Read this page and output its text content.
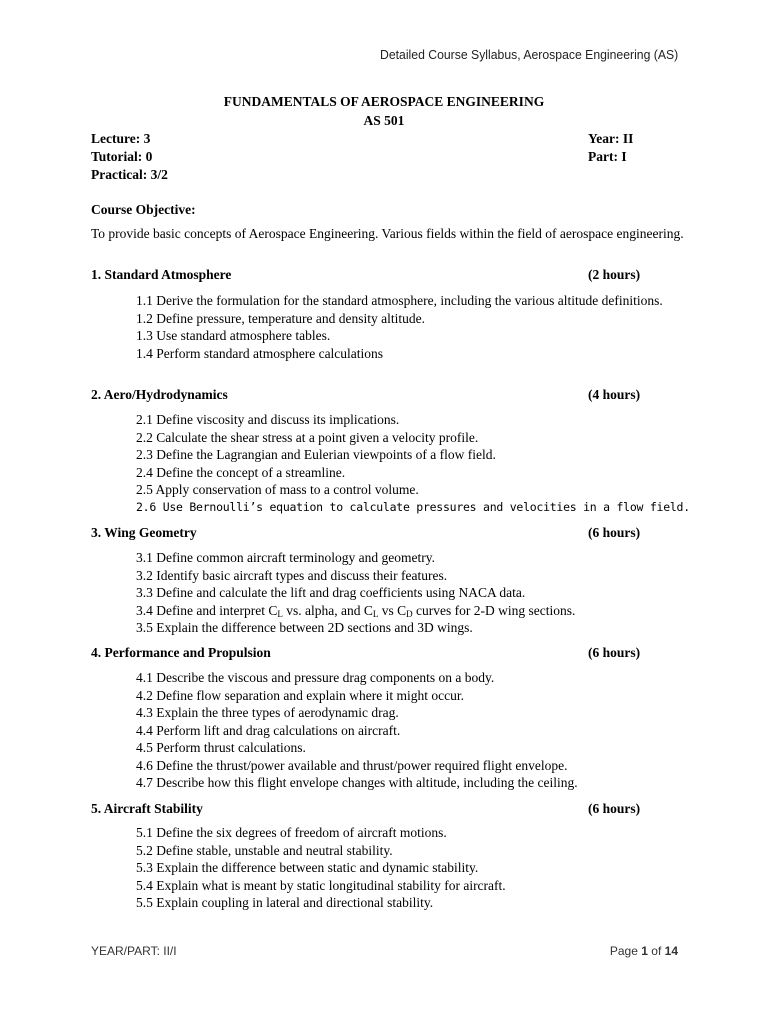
Detailed Course Syllabus, Aerospace Engineering (AS)
FUNDAMENTALS OF AEROSPACE ENGINEERING
AS 501
Lecture: 3
Tutorial: 0
Practical: 3/2
Year: II
Part: I
Course Objective:
To provide basic concepts of Aerospace Engineering. Various fields within the field of aerospace engineering.
1. Standard Atmosphere	(2 hours)
1.1 Derive the formulation for the standard atmosphere, including the various altitude definitions.
1.2 Define pressure, temperature and density altitude.
1.3 Use standard atmosphere tables.
1.4 Perform standard atmosphere calculations
2. Aero/Hydrodynamics	(4 hours)
2.1 Define viscosity and discuss its implications.
2.2 Calculate the shear stress at a point given a velocity profile.
2.3 Define the Lagrangian and Eulerian viewpoints of a flow field.
2.4 Define the concept of a streamline.
2.5 Apply conservation of mass to a control volume.
2.6 Use Bernoulli’s equation to calculate pressures and velocities in a flow field.
3. Wing Geometry	(6 hours)
3.1 Define common aircraft terminology and geometry.
3.2 Identify basic aircraft types and discuss their features.
3.3 Define and calculate the lift and drag coefficients using NACA data.
3.4 Define and interpret $C_L$ vs. alpha, and $C_L$ vs $C_D$ curves for 2-D wing sections.
3.5 Explain the difference between 2D sections and 3D wings.
4. Performance and Propulsion	(6 hours)
4.1 Describe the viscous and pressure drag components on a body.
4.2 Define flow separation and explain where it might occur.
4.3 Explain the three types of aerodynamic drag.
4.4 Perform lift and drag calculations on aircraft.
4.5 Perform thrust calculations.
4.6 Define the thrust/power available and thrust/power required flight envelope.
4.7 Describe how this flight envelope changes with altitude, including the ceiling.
5. Aircraft Stability	(6 hours)
5.1 Define the six degrees of freedom of aircraft motions.
5.2 Define stable, unstable and neutral stability.
5.3 Explain the difference between static and dynamic stability.
5.4 Explain what is meant by static longitudinal stability for aircraft.
5.5 Explain coupling in lateral and directional stability.
YEAR/PART: II/I	Page 1 of 14
